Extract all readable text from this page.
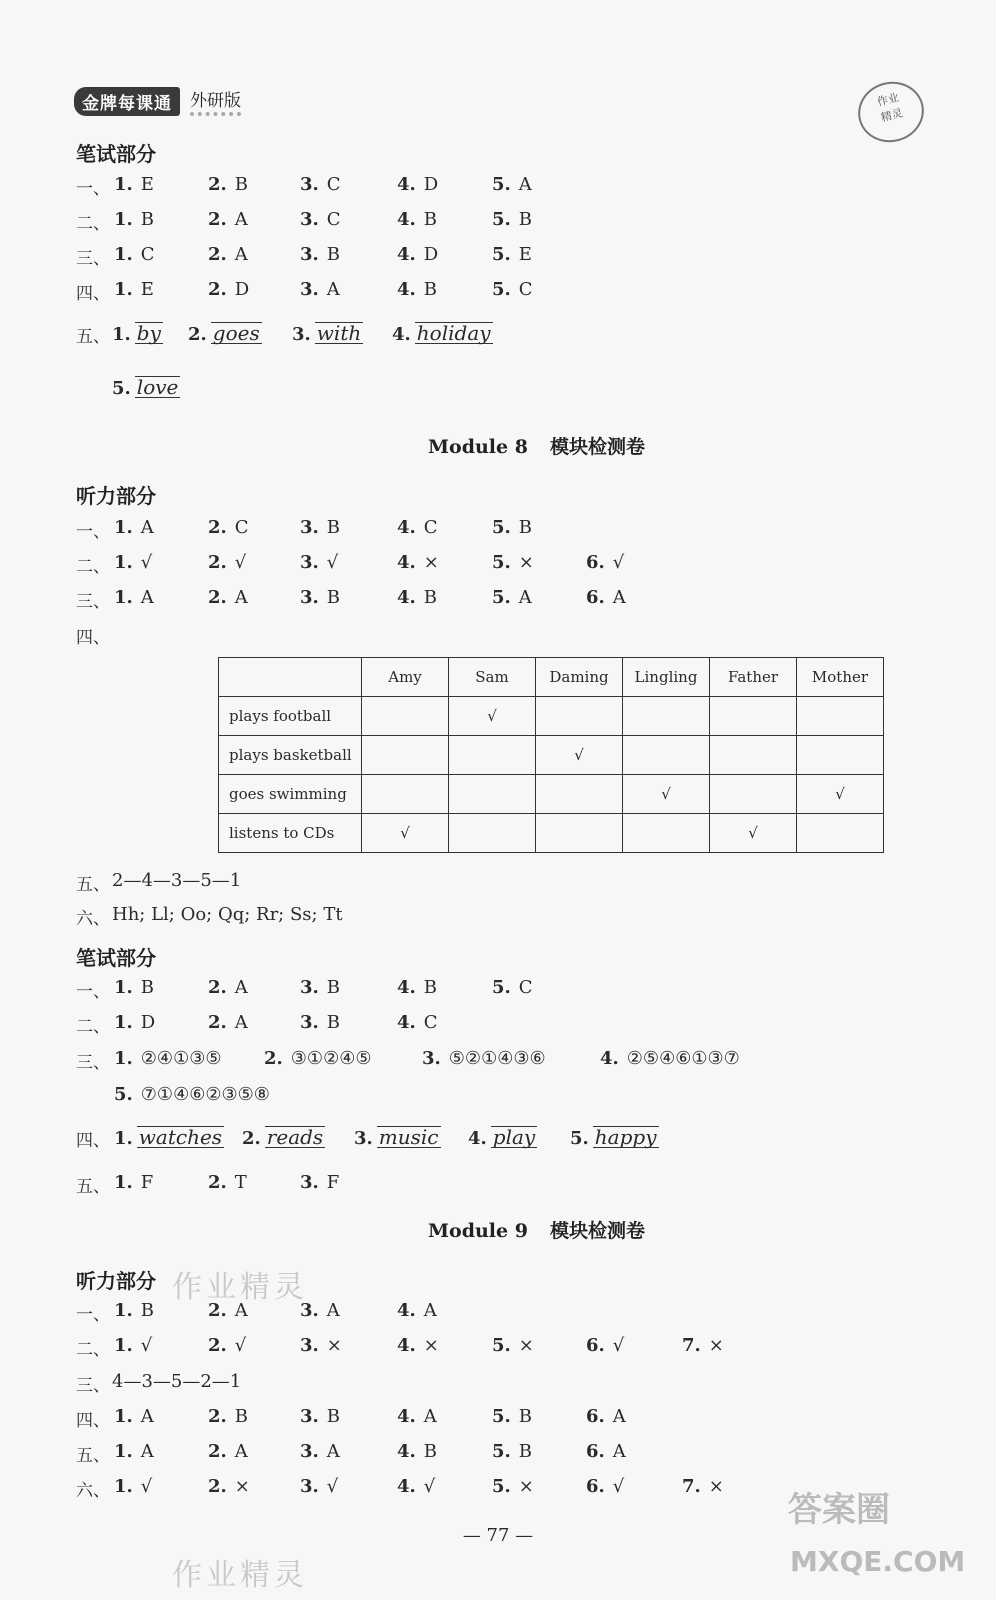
金牌每课通	外研版	作业
精灵
笔试部分
一、 1. E	2. B	3. C	4. D	5. A
二、 1. B	2. A	3. C	4. B	5. B
三、 1. C	2. A	3. B	4. D	5. E
四、 1. E	2. D	3. A	4. B	5. C
五、 1. by 2. goes 3. with 4. holiday
5. love
Module 8 模块检测卷
听力部分
一、 1. A	2. C	3. B	4. C	5. B
二、 1. √	2. √	3. √	4. ×	5. ×	6. √
三、 1. A	2. A	3. B	4. B	5. A	6. A
四、
	Amy	Sam	Daming	Lingling	Father	Mother
plays football		√				
plays basketball			√			
goes swimming				√		√
listens to CDs	√				√	
五、 2—4—3—5—1
六、 Hh; Ll; Oo; Qq; Rr; Ss; Tt
笔试部分
一、 1. B	2. A	3. B	4. B	5. C
二、 1. D	2. A	3. B	4. C
三、 1. ②④①③⑤ 2. ③①②④⑤	3. ⑤②①④③⑥	4. ②⑤④⑥①③⑦
5. ⑦①④⑥②③⑤⑧
四、 1. watches 2. reads 3. music 4. play 5. happy
五、 1. F	2. T	3. F
Module 9 模块检测卷
听力部分 作业精灵
一、 1. B	2. A	3. A	4. A
二、 1. √	2. √	3. ×	4. ×	5. ×	6. √	7. ×
三、 4—3—5—2—1
四、 1. A	2. B	3. B	4. A	5. B	6. A
五、 1. A	2. A	3. A	4. B	5. B	6. A
六、 1. √	2. ×	3. √	4. √	5. ×	6. √	7. ×
— 77 —
作业精灵
答案圈
MXQE.COM
